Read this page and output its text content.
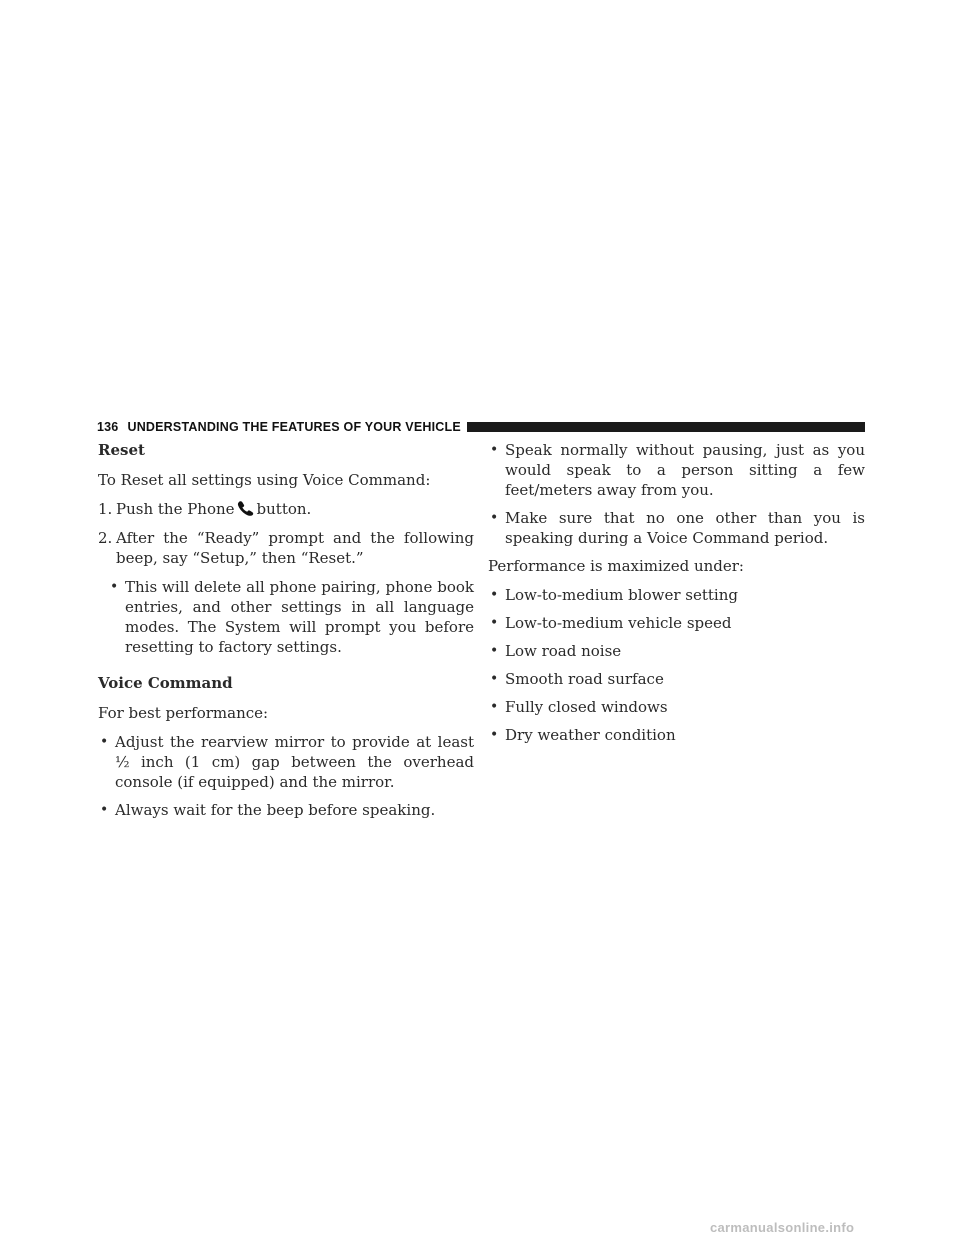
136 UNDERSTANDING THE FEATURES OF YOUR VEHICLE

Reset

To Reset all settings using Voice Command:

1. Push the Phone button.
2. After the “Ready” prompt and the following beep, say “Setup,” then “Reset.”
• This will delete all phone pairing, phone book entries, and other settings in all language modes. The System will prompt you before resetting to factory settings.

Voice Command

For best performance:

• Adjust the rearview mirror to provide at least ½ inch (1 cm) gap between the overhead console (if equipped) and the mirror.
• Always wait for the beep before speaking.
• Speak normally without pausing, just as you would speak to a person sitting a few feet/meters away from you.
• Make sure that no one other than you is speaking during a Voice Command period.

Performance is maximized under:

• Low-to-medium blower setting
• Low-to-medium vehicle speed
• Low road noise
• Smooth road surface
• Fully closed windows
• Dry weather condition
carmanualsonline.info
